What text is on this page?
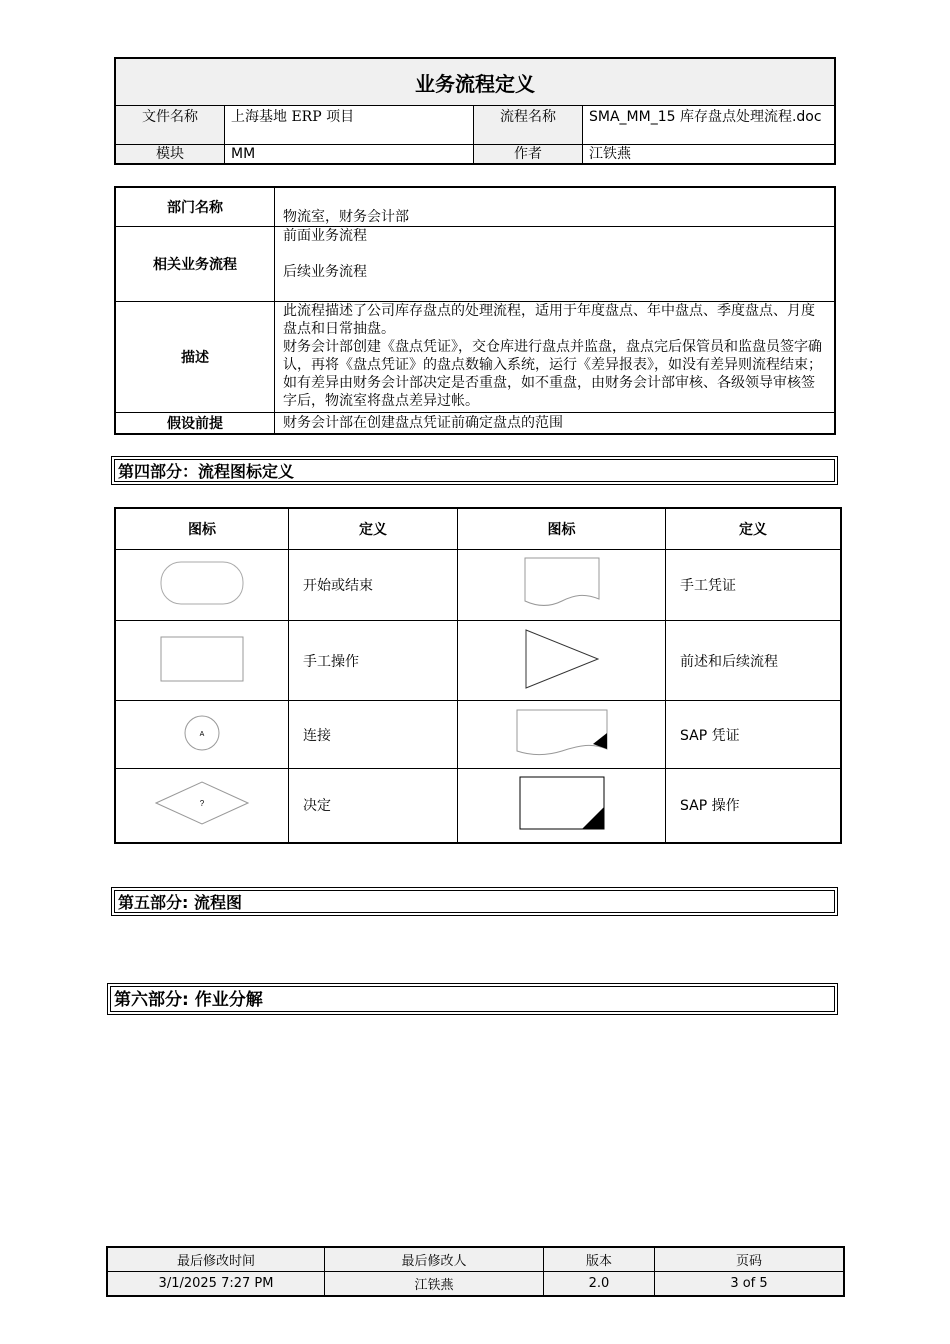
业务流程定义			
文件名称	上海基地 ERP 项目	流程名称	SMA_MM_15 库存盘点处理流程.doc
模块	MM	作者	江铁燕
部门名称	物流室，财务会计部
相关业务流程	前面业务流程
后续业务流程

描述	此流程描述了公司库存盘点的处理流程，适用于年度盘点、年中盘点、季度盘点、月度盘点和日常抽盘。
财务会计部创建《盘点凭证》，交仓库进行盘点并监盘，盘点完后保管员和监盘员签字确认，再将《盘点凭证》的盘点数输入系统，运行《差异报表》，如没有差异则流程结束；如有差异由财务会计部决定是否重盘，如不重盘，由财务会计部审核、各级领导审核签字后，物流室将盘点差异过帐。

假设前提	财务会计部在创建盘点凭证前确定盘点的范围
第四部分：流程图标定义
图标	定义	图标	定义
	开始或结束		手工凭证
	手工操作		前述和后续流程

A	连接		SAP 凭证

?	决定		SAP 操作
第五部分: 流程图
第六部分: 作业分解
最后修改时间	最后修改人	版本	页码
3/1/2025 7:27 PM	江铁燕	2.0	3 of 5
